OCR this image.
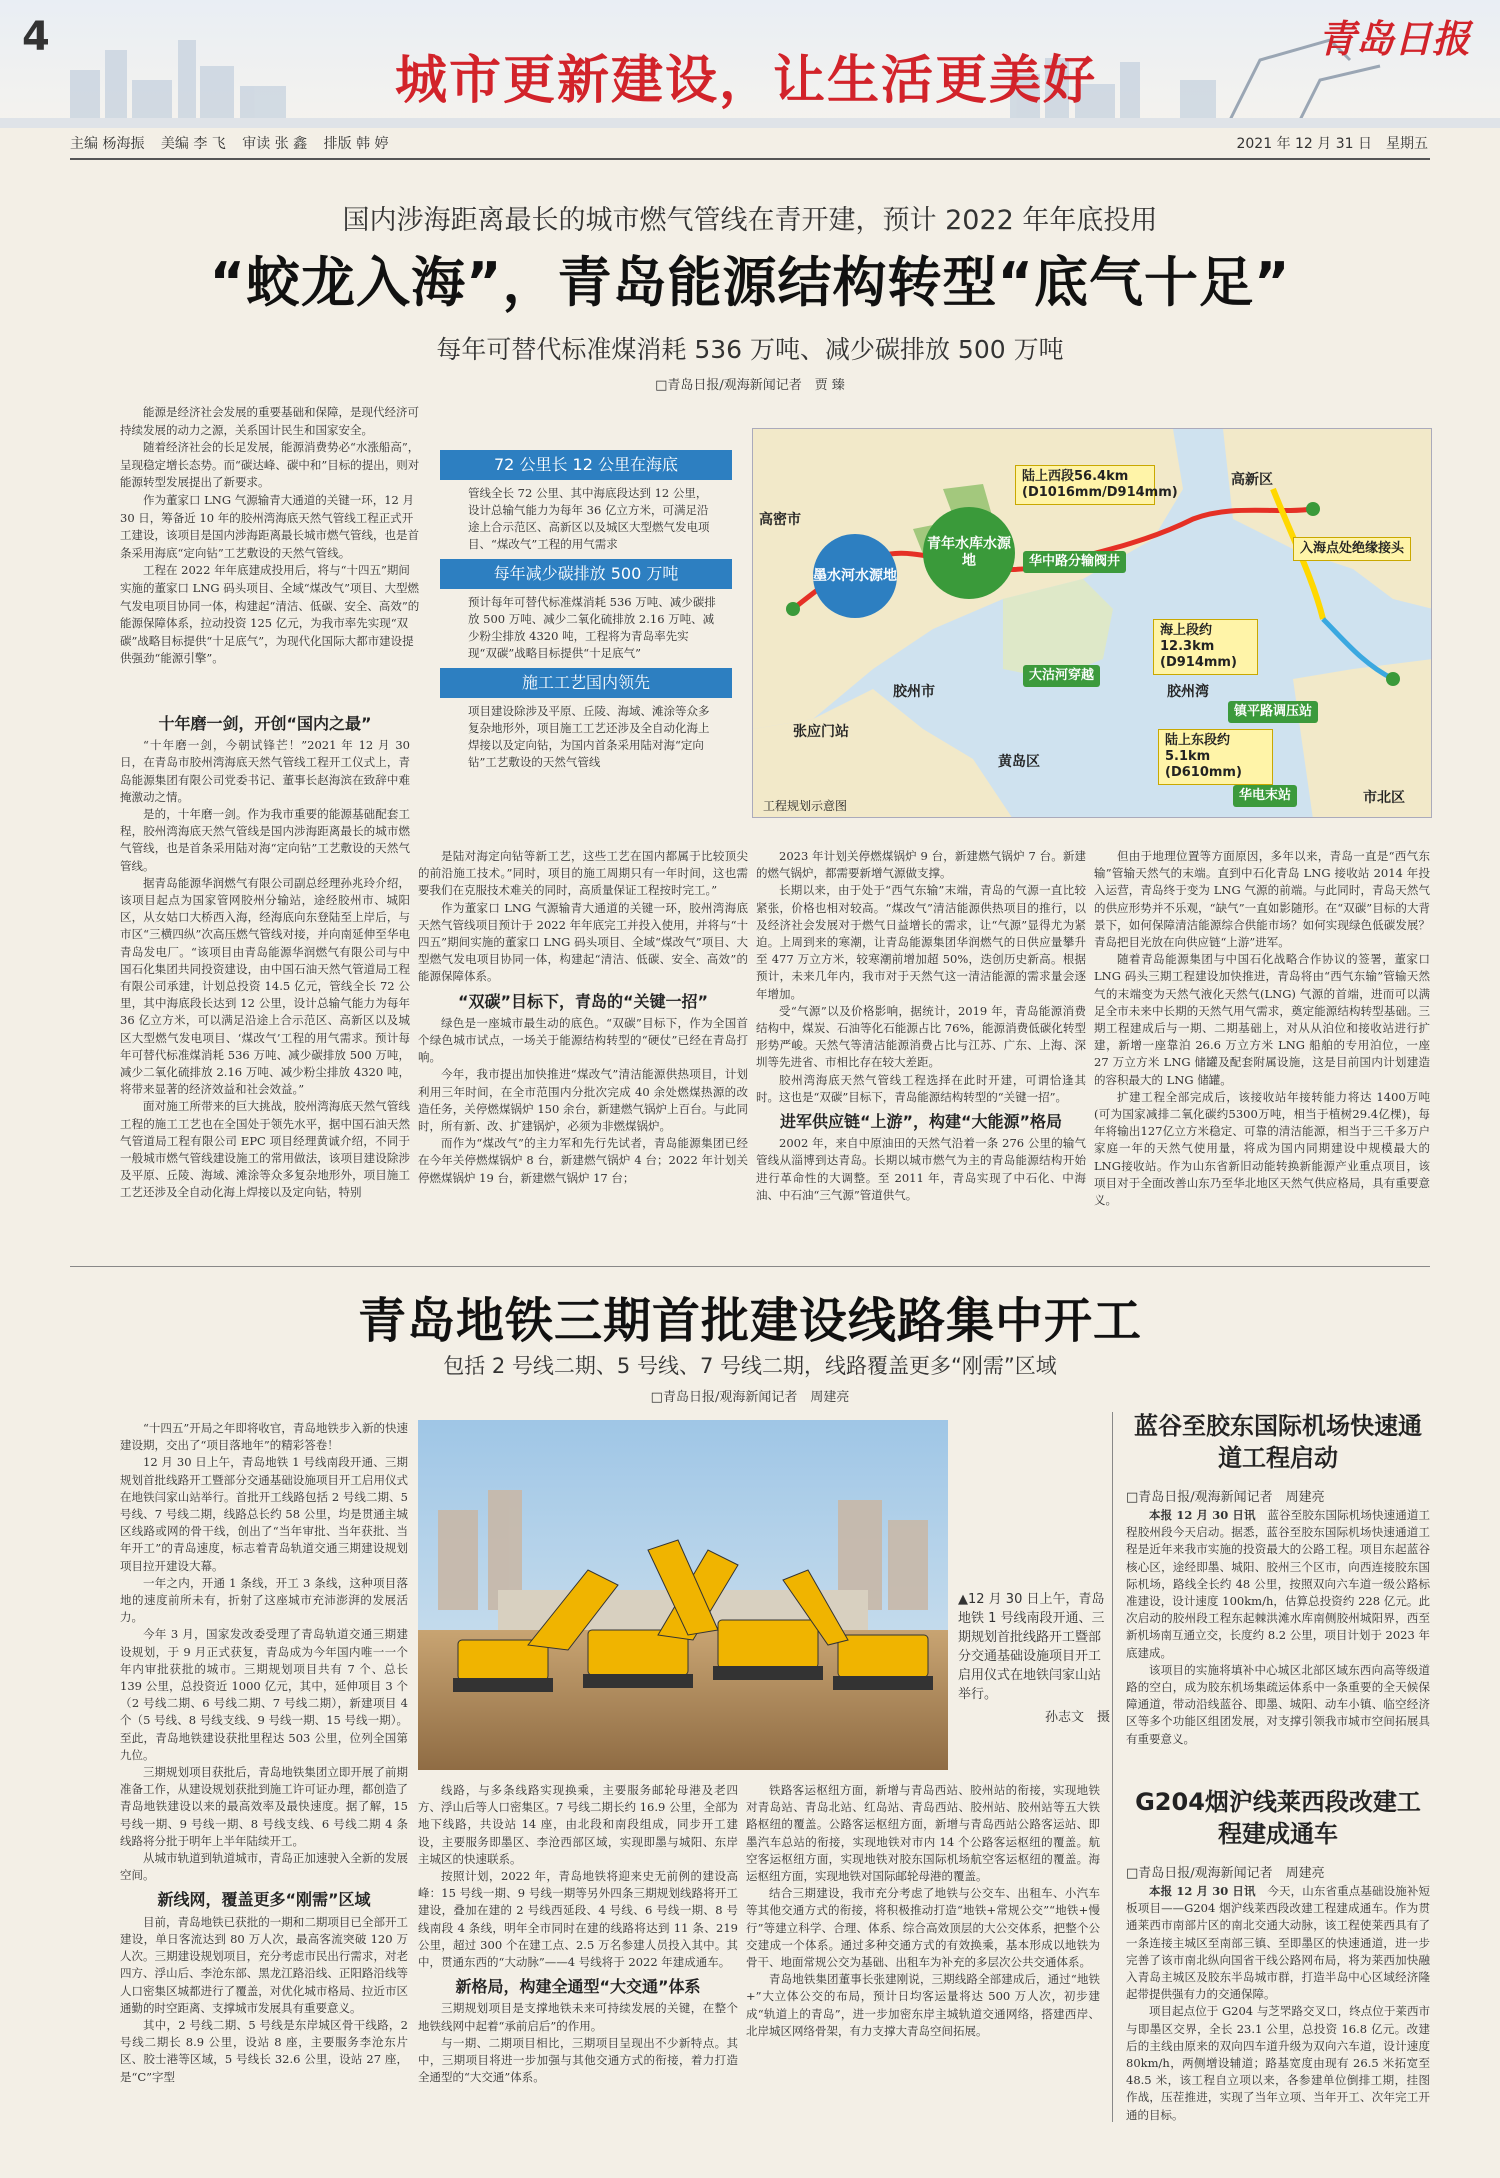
4
城市更新建设，让生活更美好
青岛日报
主编 杨海振 美编 李 飞 审读 张 鑫 排版 韩 婷	2021 年 12 月 31 日　星期五
国内涉海距离最长的城市燃气管线在青开建，预计 2022 年年底投用
“蛟龙入海”，青岛能源结构转型“底气十足”
每年可替代标准煤消耗 536 万吨、减少碳排放 500 万吨
□青岛日报/观海新闻记者　贾 臻

能源是经济社会发展的重要基础和保障，是现代经济可持续发展的动力之源，关系国计民生和国家安全。

随着经济社会的长足发展，能源消费势必“水涨船高”，呈现稳定增长态势。而“碳达峰、碳中和”目标的提出，则对能源转型发展提出了新要求。

作为董家口 LNG 气源输青大通道的关键一环，12 月 30 日，筹备近 10 年的胶州湾海底天然气管线工程正式开工建设，该项目是国内涉海距离最长城市燃气管线，也是首条采用海底“定向钻”工艺敷设的天然气管线。

工程在 2022 年年底建成投用后，将与“十四五”期间实施的董家口 LNG 码头项目、全域“煤改气”项目、大型燃气发电项目协同一体，构建起“清洁、低碳、安全、高效”的能源保障体系，拉动投资 125 亿元，为我市率先实现“双碳”战略目标提供“十足底气”，为现代化国际大都市建设提供强劲“能源引擎”。

72 公里长 12 公里在海底
管线全长 72 公里、其中海底段达到 12 公里，设计总输气能力为每年 36 亿立方米，可满足沿途上合示范区、高新区以及城区大型燃气发电项目、“煤改气”工程的用气需求
每年减少碳排放 500 万吨
预计每年可替代标准煤消耗 536 万吨、减少碳排放 500 万吨、减少二氧化硫排放 2.16 万吨、减少粉尘排放 4320 吨，工程将为青岛率先实现“双碳”战略目标提供“十足底气”
施工工艺国内领先
项目建设除涉及平原、丘陵、海域、滩涂等众多复杂地形外，项目施工工艺还涉及全自动化海上焊接以及定向钻，为国内首条采用陆对海“定向钻”工艺敷设的天然气管线
高密市
墨水河水源地
青年水库水源地
陆上西段56.4km (D1016mm/D914mm)
高新区
华中路分输阀井
入海点处绝缘接头
海上段约12.3km (D914mm)
大沽河穿越
胶州市	胶州湾
镇平路调压站
张应门站
陆上东段约5.1km (D610mm)
黄岛区
华电末站	市北区
工程规划示意图
十年磨一剑，开创“国内之最”

“十年磨一剑，今朝试锋芒！”2021 年 12 月 30 日，在青岛市胶州湾海底天然气管线工程开工仪式上，青岛能源集团有限公司党委书记、董事长赵海滨在致辞中难掩激动之情。

是的，十年磨一剑。作为我市重要的能源基础配套工程，胶州湾海底天然气管线是国内涉海距离最长的城市燃气管线，也是首条采用陆对海“定向钻”工艺敷设的天然气管线。

据青岛能源华润燃气有限公司副总经理孙兆玲介绍，该项目起点为国家管网胶州分输站，途经胶州市、城阳区，从女姑口大桥西入海，经海底向东登陆至上岸后，与市区“三横四纵”次高压燃气管线对接，并向南延伸至华电青岛发电厂。“该项目由青岛能源华润燃气有限公司与中国石化集团共同投资建设，由中国石油天然气管道局工程有限公司承建，计划总投资 14.5 亿元，管线全长 72 公里，其中海底段长达到 12 公里，设计总输气能力为每年 36 亿立方米，可以满足沿途上合示范区、高新区以及城区大型燃气发电项目、‘煤改气’工程的用气需求。预计每年可替代标准煤消耗 536 万吨、减少碳排放 500 万吨，减少二氧化硫排放 2.16 万吨、减少粉尘排放 4320 吨，将带来显著的经济效益和社会效益。”

面对施工所带来的巨大挑战，胶州湾海底天然气管线工程的施工工艺也在全国处于领先水平，据中国石油天然气管道局工程有限公司 EPC 项目经理黄诚介绍，不同于一般城市燃气管线建设施工的常用做法，该项目建设除涉及平原、丘陵、海域、滩涂等众多复杂地形外，项目施工工艺还涉及全自动化海上焊接以及定向钻，特别

是陆对海定向钻等新工艺，这些工艺在国内都属于比较顶尖的前沿施工技术。”同时，项目的施工周期只有一年时间，这也需要我们在克服技术难关的同时，高质量保证工程按时完工。”

作为董家口 LNG 气源输青大通道的关键一环，胶州湾海底天然气管线项目预计于 2022 年年底完工并投入使用，并将与“十四五”期间实施的董家口 LNG 码头项目、全域“煤改气”项目、大型燃气发电项目协同一体，构建起“清洁、低碳、安全、高效”的能源保障体系。

“双碳”目标下，青岛的“关键一招”

绿色是一座城市最生动的底色。“双碳”目标下，作为全国首个绿色城市试点，一场关于能源结构转型的“硬仗”已经在青岛打响。

今年，我市提出加快推进“煤改气”清洁能源供热项目，计划利用三年时间，在全市范围内分批次完成 40 余处燃煤热源的改造任务，关停燃煤锅炉 150 余台，新建燃气锅炉上百台。与此同时，所有新、改、扩建锅炉，必须为非燃煤锅炉。

而作为“煤改气”的主力军和先行先试者，青岛能源集团已经在今年关停燃煤锅炉 8 台，新建燃气锅炉 4 台；2022 年计划关停燃煤锅炉 19 台，新建燃气锅炉 17 台；

2023 年计划关停燃煤锅炉 9 台，新建燃气锅炉 7 台。新建的燃气锅炉，都需要新增气源做支撑。

长期以来，由于处于“西气东输”末端，青岛的气源一直比较紧张，价格也相对较高。“煤改气”清洁能源供热项目的推行，以及经济社会发展对于燃气日益增长的需求，让“气源”显得尤为紧迫。上周到来的寒潮，让青岛能源集团华润燃气的日供应量攀升至 477 万立方米，较寒潮前增加超 50%，迭创历史新高。根据预计，未来几年内，我市对于天然气这一清洁能源的需求量会逐年增加。

受“气源”以及价格影响，据统计，2019 年，青岛能源消费结构中，煤炭、石油等化石能源占比 76%，能源消费低碳化转型形势严峻。天然气等清洁能源消费占比与江苏、广东、上海、深圳等先进省、市相比存在较大差距。

胶州湾海底天然气管线工程选择在此时开建，可谓恰逢其时。这也是“双碳”目标下，青岛能源结构转型的“关键一招”。

进军供应链“上游”，构建“大能源”格局

2002 年，来自中原油田的天然气沿着一条 276 公里的输气管线从淄博到达青岛。长期以城市燃气为主的青岛能源结构开始进行革命性的大调整。至 2011 年，青岛实现了中石化、中海油、中石油“三气源”管道供气。

但由于地理位置等方面原因，多年以来，青岛一直是“西气东输”管输天然气的末端。直到中石化青岛 LNG 接收站 2014 年投入运营，青岛终于变为 LNG 气源的前端。与此同时，青岛天然气的供应形势并不乐观，“缺气”一直如影随形。在“双碳”目标的大背景下，如何保障清洁能源综合供能市场？如何实现绿色低碳发展？青岛把目光放在向供应链“上游”进军。

随着青岛能源集团与中国石化战略合作协议的签署，董家口 LNG 码头三期工程建设加快推进，青岛将由“西气东输”管输天然气的末端变为天然气液化天然气(LNG) 气源的首端，进而可以满足全市未来中长期的天然气用气需求，奠定能源结构转型基础。三期工程建成后与一期、二期基础上，对从从泊位和接收站进行扩建，新增一座靠泊 26.6 万立方米 LNG 船舶的专用泊位，一座 27 万立方米 LNG 储罐及配套附属设施，这是目前国内计划建造的容积最大的 LNG 储罐。

扩建工程全部完成后，该接收站年接转能力将达 1400万吨(可为国家减排二氧化碳约5300万吨，相当于植树29.4亿棵)，每年将输出127亿立方米稳定、可靠的清洁能源，相当于三千多万户家庭一年的天然气使用量，将成为国内同期建设中规模最大的LNG接收站。作为山东省新旧动能转换新能源产业重点项目，该项目对于全面改善山东乃至华北地区天然气供应格局，具有重要意义。

青岛地铁三期首批建设线路集中开工
包括 2 号线二期、5 号线、7 号线二期，线路覆盖更多“刚需”区域
□青岛日报/观海新闻记者　周建亮

“十四五”开局之年即将收官，青岛地铁步入新的快速建设期，交出了“项目落地年”的精彩答卷！

12 月 30 日上午，青岛地铁 1 号线南段开通、三期规划首批线路开工暨部分交通基础设施项目开工启用仪式在地铁闫家山站举行。首批开工线路包括 2 号线二期、5 号线、7 号线二期，线路总长约 58 公里，均是贯通主城区线路或网的骨干线，创出了“当年审批、当年获批、当年开工”的青岛速度，标志着青岛轨道交通三期建设规划项目拉开建设大幕。

一年之内，开通 1 条线，开工 3 条线，这种项目落地的速度前所未有，折射了这座城市充沛澎湃的发展活力。

今年 3 月，国家发改委受理了青岛轨道交通三期建设规划，于 9 月正式获复，青岛成为今年国内唯一一个年内审批获批的城市。三期规划项目共有 7 个、总长 139 公里，总投资近 1000 亿元，其中，延伸项目 3 个（2 号线二期、6 号线二期、7 号线二期），新建项目 4 个（5 号线、8 号线支线、9 号线一期、15 号线一期）。至此，青岛地铁建设获批里程达 503 公里，位列全国第九位。

三期规划项目获批后，青岛地铁集团立即开展了前期准备工作，从建设规划获批到施工许可证办理，都创造了青岛地铁建设以来的最高效率及最快速度。据了解，15 号线一期、9 号线一期、8 号线支线、6 号线二期 4 条线路将分批于明年上半年陆续开工。

从城市轨道到轨道城市，青岛正加速驶入全新的发展空间。

新线网，覆盖更多“刚需”区域

目前，青岛地铁已获批的一期和二期项目已全部开工建设，单日客流达到 80 万人次，最高客流突破 120 万人次。三期建设规划项目，充分考虑市民出行需求，对老四方、浮山后、李沧东部、黑龙江路沿线、正阳路沿线等人口密集区城都进行了覆盖，对优化城市格局、拉近市区通勤的时空距离、支撑城市发展具有重要意义。

其中，2 号线二期、5 号线是东岸城区骨干线路，2 号线二期长 8.9 公里，设站 8 座，主要服务李沧东片区、胶士港等区域，5 号线长 32.6 公里，设站 27 座，是“C”字型

▲12 月 30 日上午，青岛地铁 1 号线南段开通、三期规划首批线路开工暨部分交通基础设施项目开工启用仪式在地铁闫家山站举行。
孙志文　摄

线路，与多条线路实现换乘，主要服务邮轮母港及老四方、浮山后等人口密集区。7 号线二期长约 16.9 公里，全部为地下线路，共设站 14 座，由北段和南段组成，同步开工建设，主要服务即墨区、李沧西部区域，实现即墨与城阳、东岸主城区的快速联系。

按照计划，2022 年，青岛地铁将迎来史无前例的建设高峰：15 号线一期、9 号线一期等另外四条三期规划线路将开工建设，叠加在建的 2 号线西延段、4 号线、6 号线一期、8 号线南段 4 条线，明年全市同时在建的线路将达到 11 条、219 公里，超过 300 个在建工点、2.5 万名参建人员投入其中。其中，贯通东西的“大动脉”——4 号线将于 2022 年建成通车。

新格局，构建全通型“大交通”体系

三期规划项目是支撑地铁未来可持续发展的关键，在整个地铁线网中起着“承前启后”的作用。

与一期、二期项目相比，三期项目呈现出不少新特点。其中，三期项目将进一步加强与其他交通方式的衔接，着力打造全通型的“大交通”体系。

铁路客运枢纽方面，新增与青岛西站、胶州站的衔接，实现地铁对青岛站、青岛北站、红岛站、青岛西站、胶州站、胶州站等五大铁路枢纽的覆盖。公路客运枢纽方面，新增与青岛西站公路客运站、即墨汽车总站的衔接，实现地铁对市内 14 个公路客运枢纽的覆盖。航空客运枢纽方面，实现地铁对胶东国际机场航空客运枢纽的覆盖。海运枢纽方面，实现地铁对国际邮轮母港的覆盖。

结合三期建设，我市充分考虑了地铁与公交车、出租车、小汽车等其他交通方式的衔接，将积极推动打造“地铁+常规公交”“地铁+慢行”等建立科学、合理、体系、综合高效顶层的大公交体系，把整个公交建成一个体系。通过多种交通方式的有效换乘，基本形成以地铁为骨干、地面常规公交为基础、出租车为补充的多层次公共交通体系。

青岛地铁集团董事长张建刚说，三期线路全部建成后，通过“地铁+”大立体公交的布局，预计日均客运量将达 500 万人次，初步建成“轨道上的青岛”，进一步加密东岸主城轨道交通网络，搭建西岸、北岸城区网络骨架，有力支撑大青岛空间拓展。

蓝谷至胶东国际机场快速通道工程启动
□青岛日报/观海新闻记者　周建亮

本报 12 月 30 日讯　 蓝谷至胶东国际机场快速通道工程胶州段今天启动。据悉，蓝谷至胶东国际机场快速通道工程是近年来我市实施的投资最大的公路工程。项目东起蓝谷核心区，途经即墨、城阳、胶州三个区市，向西连接胶东国际机场，路线全长约 48 公里，按照双向六车道一级公路标准建设，设计速度 100km/h，估算总投资约 228 亿元。此次启动的胶州段工程东起棘洪滩水库南侧胶州城阳界，西至新机场南互通立交，长度约 8.2 公里，项目计划于 2023 年底建成。

该项目的实施将填补中心城区北部区域东西向高等级道路的空白，成为胶东机场集疏运体系中一条重要的全天候保障通道，带动沿线蓝谷、即墨、城阳、动车小镇、临空经济区等多个功能区组团发展，对支撑引领我市城市空间拓展具有重要意义。

G204烟沪线莱西段改建工程建成通车
□青岛日报/观海新闻记者　周建亮

本报 12 月 30 日讯　 今天，山东省重点基础设施补短板项目——G204 烟沪线莱西段改建工程建成通车。作为贯通莱西市南部片区的南北交通大动脉，该工程使莱西具有了一条连接主城区至南部三镇、至即墨区的快速通道，进一步完善了该市南北纵向国省干线公路网布局，将为莱西加快融入青岛主城区及胶东半岛城市群，打造半岛中心区域经济隆起带提供强有力的交通保障。

项目起点位于 G204 与芝罘路交叉口，终点位于莱西市与即墨区交界，全长 23.1 公里，总投资 16.8 亿元。改建后的主线由原来的双向四车道升级为双向六车道，设计速度 80km/h，两侧增设辅道；路基宽度由现有 26.5 米拓宽至 48.5 米，该工程自立项以来，各参建单位倒排工期，挂图作战，压茬推进，实现了当年立项、当年开工、次年完工开通的目标。
